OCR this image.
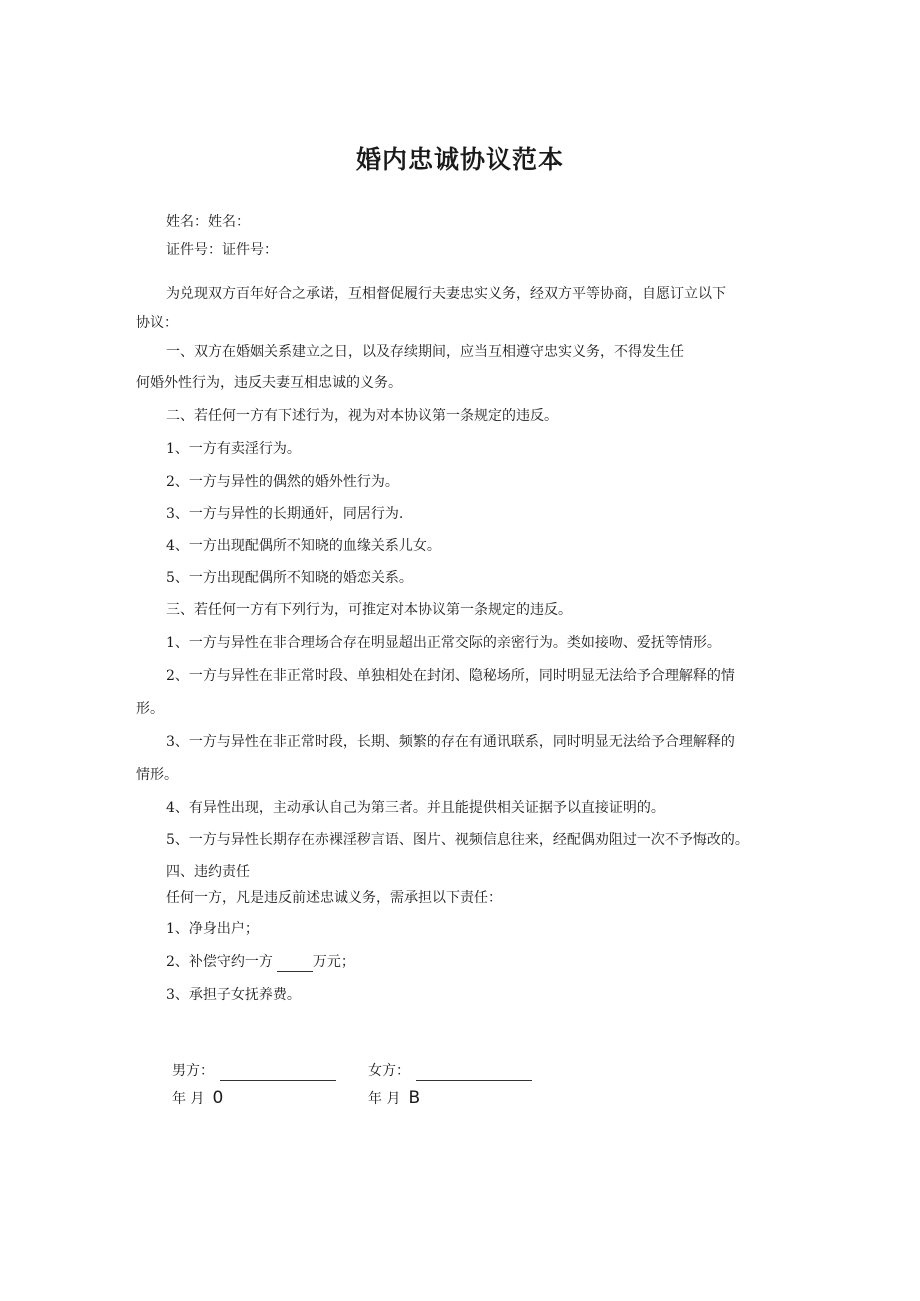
婚内忠诚协议范本
姓名：姓名：
证件号：证件号：
为兑现双方百年好合之承诺，互相督促履行夫妻忠实义务，经双方平等协商，自愿订立以下
协议：
一、双方在婚姻关系建立之日，以及存续期间，应当互相遵守忠实义务，不得发生任
何婚外性行为，违反夫妻互相忠诚的义务。
二、若任何一方有下述行为，视为对本协议第一条规定的违反。
1、一方有卖淫行为。
2、一方与异性的偶然的婚外性行为。
3、一方与异性的长期通奸，同居行为.
4、一方出现配偶所不知晓的血缘关系儿女。
5、一方出现配偶所不知晓的婚恋关系。
三、若任何一方有下列行为，可推定对本协议第一条规定的违反。
1、一方与异性在非合理场合存在明显超出正常交际的亲密行为。类如接吻、爱抚等情形。
2、一方与异性在非正常时段、单独相处在封闭、隐秘场所，同时明显无法给予合理解释的情
形。
3、一方与异性在非正常时段，长期、频繁的存在有通讯联系，同时明显无法给予合理解释的
情形。
4、有异性出现，主动承认自己为第三者。并且能提供相关证据予以直接证明的。
5、一方与异性长期存在赤裸淫秽言语、图片、视频信息往来，经配偶劝阻过一次不予悔改的。
四、违约责任
任何一方，凡是违反前述忠诚义务，需承担以下责任：
1、净身出户；
2、补偿守约一方	万元；
3、承担子女抚养费。
男方：	女方：
年 月 0	年 月 B
